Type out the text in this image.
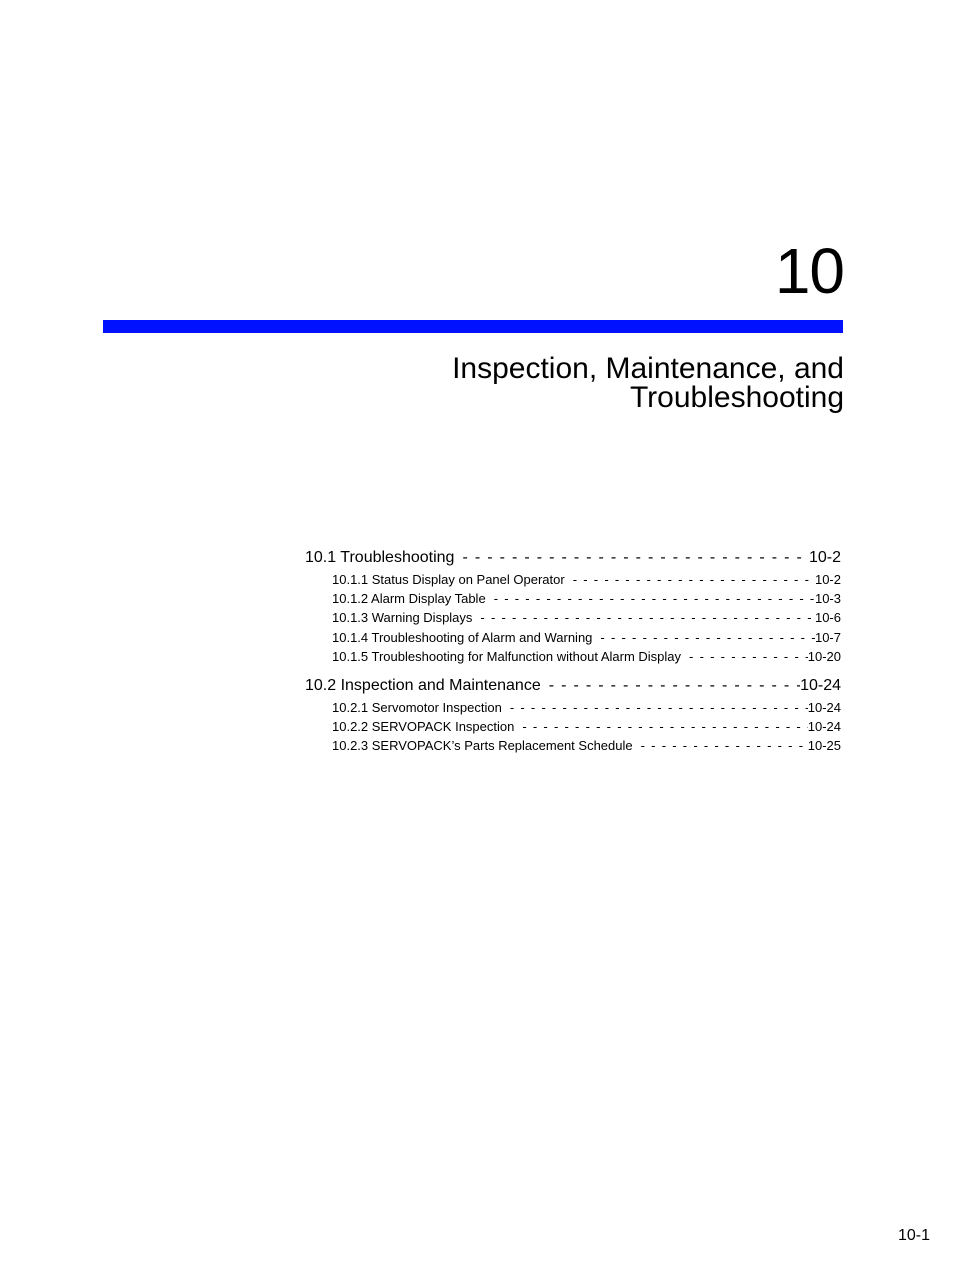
10
Inspection, Maintenance, and
Troubleshooting
10.1 Troubleshooting - - -	10-2
10.1.1 Status Display on Panel Operator - - -	10-2
10.1.2 Alarm Display Table - - -	10-3
10.1.3 Warning Displays - - -	10-6
10.1.4 Troubleshooting of Alarm and Warning - - -	10-7
10.1.5 Troubleshooting for Malfunction without Alarm Display - - -	10-20
10.2 Inspection and Maintenance - - -	10-24
10.2.1 Servomotor Inspection - - -	10-24
10.2.2 SERVOPACK Inspection - - -	10-24
10.2.3 SERVOPACK’s Parts Replacement Schedule - - -	10-25
10-1
